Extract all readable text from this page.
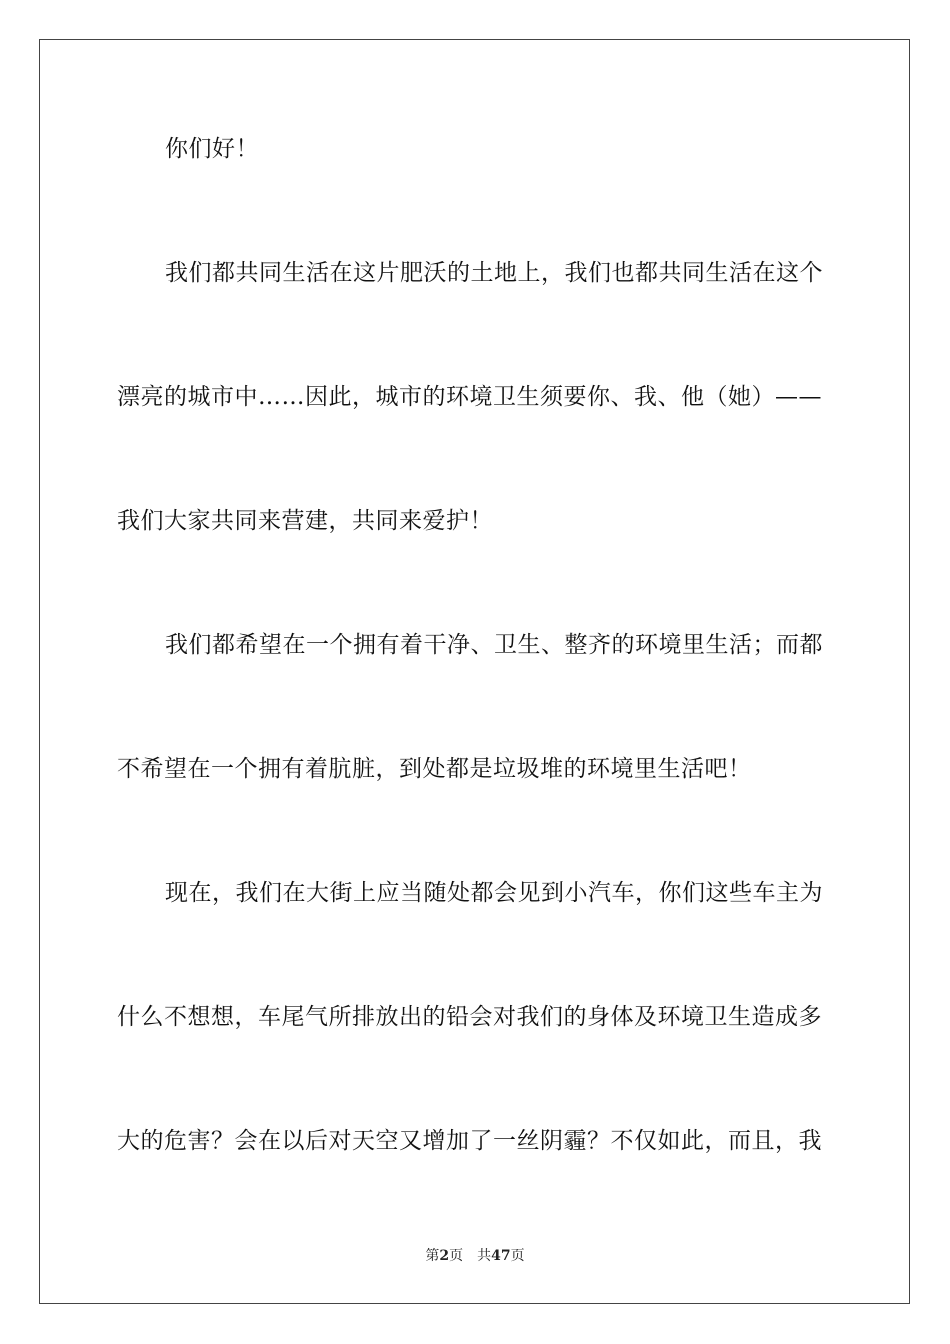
你们好！
我们都共同生活在这片肥沃的土地上，我们也都共同生活在这个
漂亮的城市中……因此，城市的环境卫生须要你、我、他（她）——
我们大家共同来营建，共同来爱护！
我们都希望在一个拥有着干净、卫生、整齐的环境里生活；而都
不希望在一个拥有着肮脏，到处都是垃圾堆的环境里生活吧！
现在，我们在大街上应当随处都会见到小汽车，你们这些车主为
什么不想想，车尾气所排放出的铅会对我们的身体及环境卫生造成多
大的危害？会在以后对天空又增加了一丝阴霾？不仅如此，而且，我
第2页 共47页
